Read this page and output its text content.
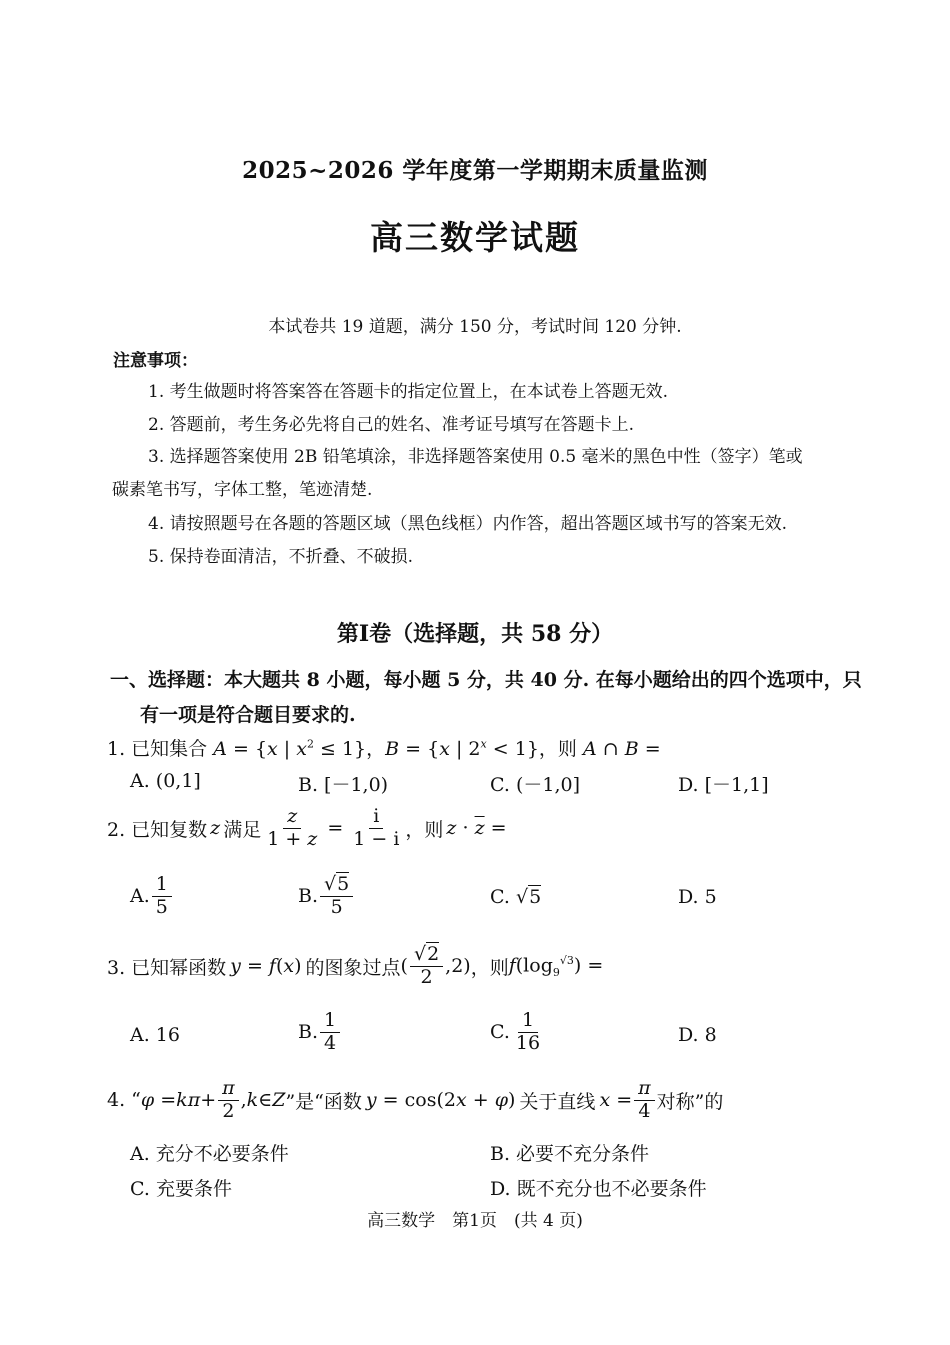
2025~2026 学年度第一学期期末质量监测
高三数学试题
本试卷共 19 道题，满分 150 分，考试时间 120 分钟.
注意事项：
1. 考生做题时将答案答在答题卡的指定位置上，在本试卷上答题无效.
2. 答题前，考生务必先将自己的姓名、准考证号填写在答题卡上.
3. 选择题答案使用 2B 铅笔填涂，非选择题答案使用 0.5 毫米的黑色中性（签字）笔或
碳素笔书写，字体工整，笔迹清楚.
4. 请按照题号在各题的答题区域（黑色线框）内作答，超出答题区域书写的答案无效.
5. 保持卷面清洁，不折叠、不破损.
第Ⅰ卷（选择题，共 58 分）
一、选择题：本大题共 8 小题，每小题 5 分，共 40 分. 在每小题给出的四个选项中，只
有一项是符合题目要求的.
1. 已知集合 A = {x | $x^2 \le 1$}，B = {x | $2^x < 1$}，则 A ∩ B =
A. (0,1]	B. [－1,0)	C. (－1,0]	D. [－1,1]
2. 已知复数 z 满足 $\frac{z}{1 + z} = \frac{i}{1 - i}$ ，则 $z \cdot \overline{z}$ =
A. $\frac{1}{5}$	B. $\frac{√5}{5}$	C. √5	D. 5
3. 已知幂函数 y = f(x) 的图象过点 ( $\frac{√2}{2} ,2$) ，则 $f(\log_9^{√3})$ =
A. 16	B. $\frac{1}{4}$	C. $\frac{1}{16}$	D. 8
4. “ φ = k $\pi + \frac{\pi}{2}$ , k ∈ Z ”是“函数 y = cos(2x + φ) 关于直线 $x = \frac{\pi}{4}$ 对称”的
A. 充分不必要条件	B. 必要不充分条件
C. 充要条件	D. 既不充分也不必要条件
高三数学　第1页　(共 4 页)
